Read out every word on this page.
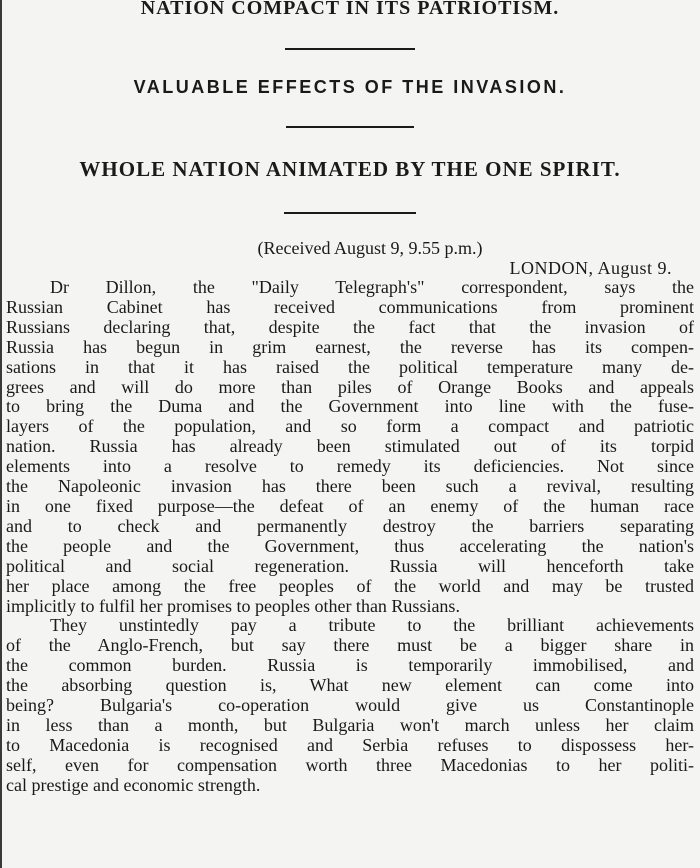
NATION COMPACT IN ITS PATRIOTISM.
VALUABLE EFFECTS OF THE INVASION.
WHOLE NATION ANIMATED BY THE ONE SPIRIT.
(Received August 9, 9.55 p.m.)
LONDON, August 9.

Dr Dillon, the "Daily Telegraph's" correspondent, says the
Russian Cabinet has received communications from prominent
Russians declaring that, despite the fact that the invasion of
Russia has begun in grim earnest, the reverse has its compen-
sations in that it has raised the political temperature many de-
grees and will do more than piles of Orange Books and appeals
to bring the Duma and the Government into line with the fuse-
layers of the population, and so form a compact and patriotic
nation. Russia has already been stimulated out of its torpid
elements into a resolve to remedy its deficiencies. Not since
the Napoleonic invasion has there been such a revival, resulting
in one fixed purpose—the defeat of an enemy of the human race
and to check and permanently destroy the barriers separating
the people and the Government, thus accelerating the nation's
political and social regeneration. Russia will henceforth take
her place among the free peoples of the world and may be trusted
implicitly to fulfil her promises to peoples other than Russians.

They unstintedly pay a tribute to the brilliant achievements
of the Anglo-French, but say there must be a bigger share in
the common burden. Russia is temporarily immobilised, and
the absorbing question is, What new element can come into
being? Bulgaria's co-operation would give us Constantinople
in less than a month, but Bulgaria won't march unless her claim
to Macedonia is recognised and Serbia refuses to dispossess her-
self, even for compensation worth three Macedonias to her politi-
cal prestige and economic strength.
